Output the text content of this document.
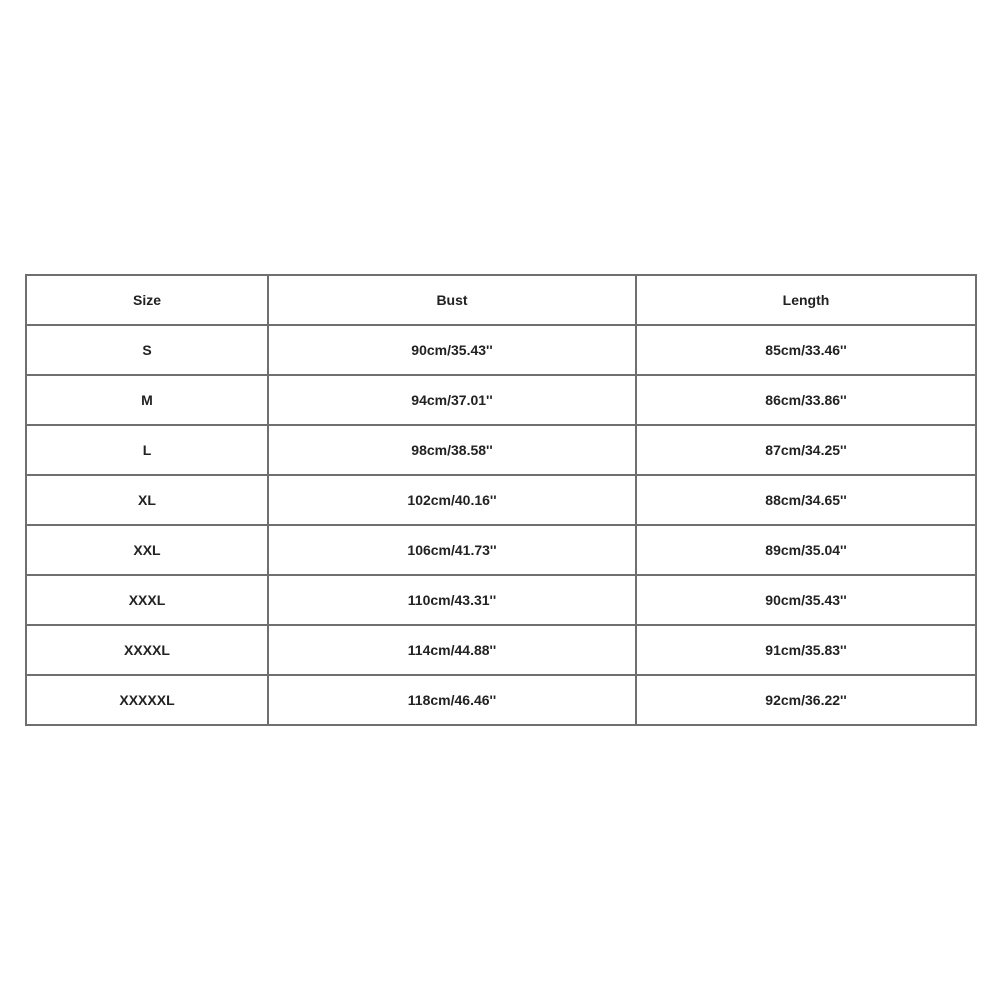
Size	Bust	Length
S	90cm/35.43''	85cm/33.46''
M	94cm/37.01''	86cm/33.86''
L	98cm/38.58''	87cm/34.25''
XL	102cm/40.16''	88cm/34.65''
XXL	106cm/41.73''	89cm/35.04''
XXXL	110cm/43.31''	90cm/35.43''
XXXXL	114cm/44.88''	91cm/35.83''
XXXXXL	118cm/46.46''	92cm/36.22''
